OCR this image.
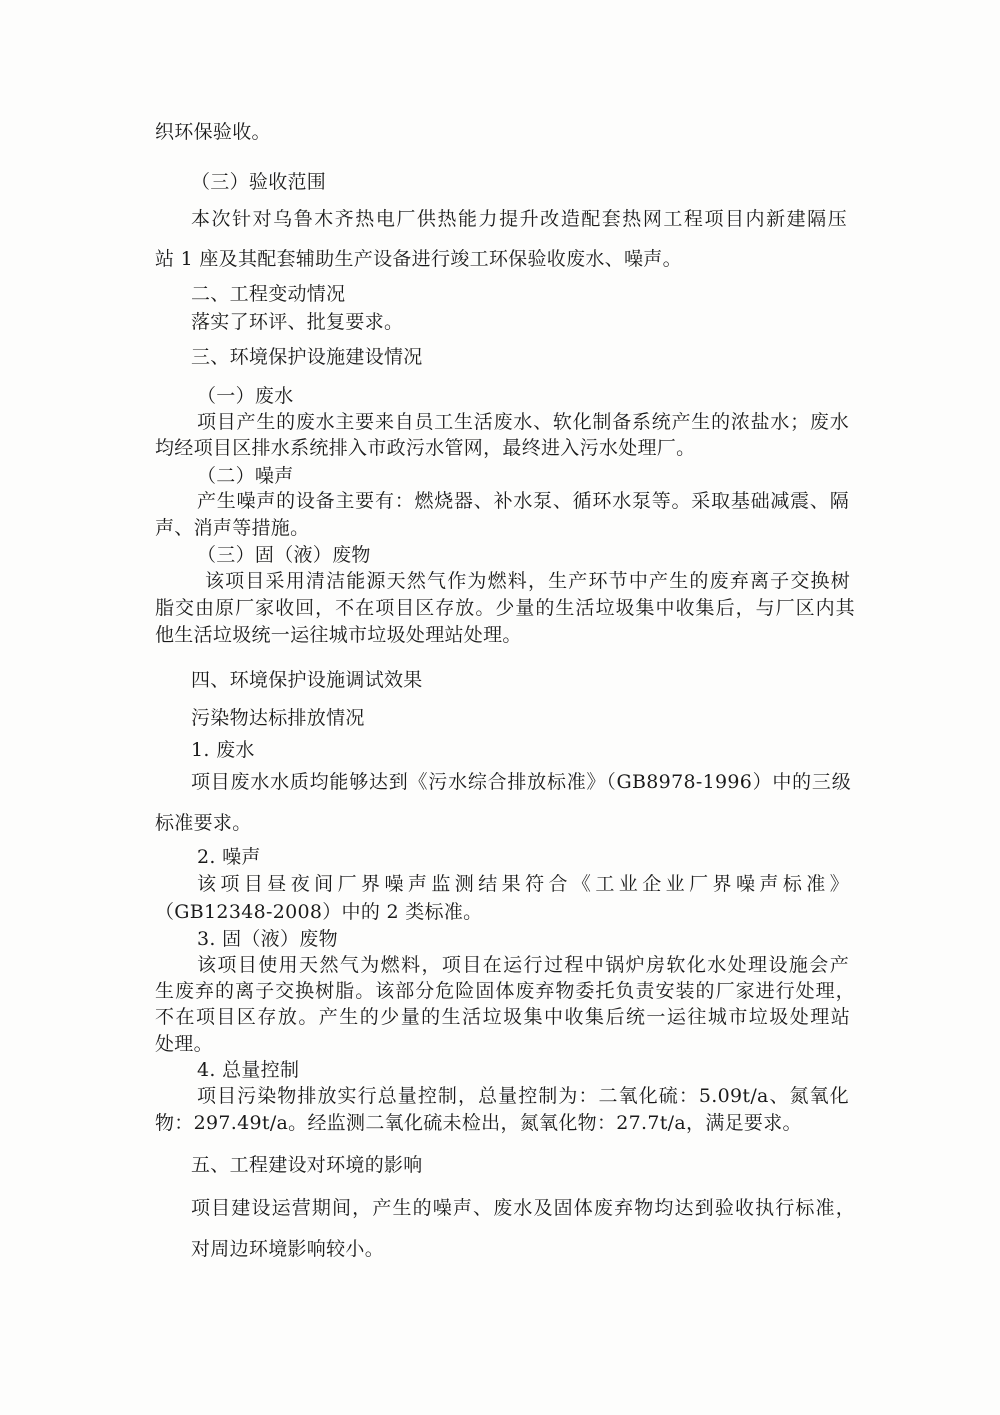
织环保验收。

（三）验收范围

本次针对乌鲁木齐热电厂供热能力提升改造配套热网工程项目内新建隔压

站 1 座及其配套辅助生产设备进行竣工环保验收废水、噪声。

二、工程变动情况

落实了环评、批复要求。

三、环境保护设施建设情况

（一）废水

项目产生的废水主要来自员工生活废水、软化制备系统产生的浓盐水；废水

均经项目区排水系统排入市政污水管网，最终进入污水处理厂。

（二）噪声

产生噪声的设备主要有：燃烧器、补水泵、循环水泵等。采取基础减震、隔

声、消声等措施。

（三）固（液）废物

该项目采用清洁能源天然气作为燃料，生产环节中产生的废弃离子交换树

脂交由原厂家收回，不在项目区存放。少量的生活垃圾集中收集后，与厂区内其

他生活垃圾统一运往城市垃圾处理站处理。

四、环境保护设施调试效果

污染物达标排放情况

1. 废水

项目废水水质均能够达到《污水综合排放标准》（GB8978-1996）中的三级

标准要求。

2. 噪声

该项目昼夜间厂界噪声监测结果符合《工业企业厂界噪声标准》

（GB12348-2008）中的 2 类标准。

3. 固（液）废物

该项目使用天然气为燃料，项目在运行过程中锅炉房软化水处理设施会产

生废弃的离子交换树脂。该部分危险固体废弃物委托负责安装的厂家进行处理，

不在项目区存放。产生的少量的生活垃圾集中收集后统一运往城市垃圾处理站

处理。

4. 总量控制

项目污染物排放实行总量控制，总量控制为：二氧化硫：5.09t/a、氮氧化

物：297.49t/a。经监测二氧化硫未检出，氮氧化物：27.7t/a，满足要求。

五、工程建设对环境的影响

项目建设运营期间，产生的噪声、废水及固体废弃物均达到验收执行标准，

对周边环境影响较小。
